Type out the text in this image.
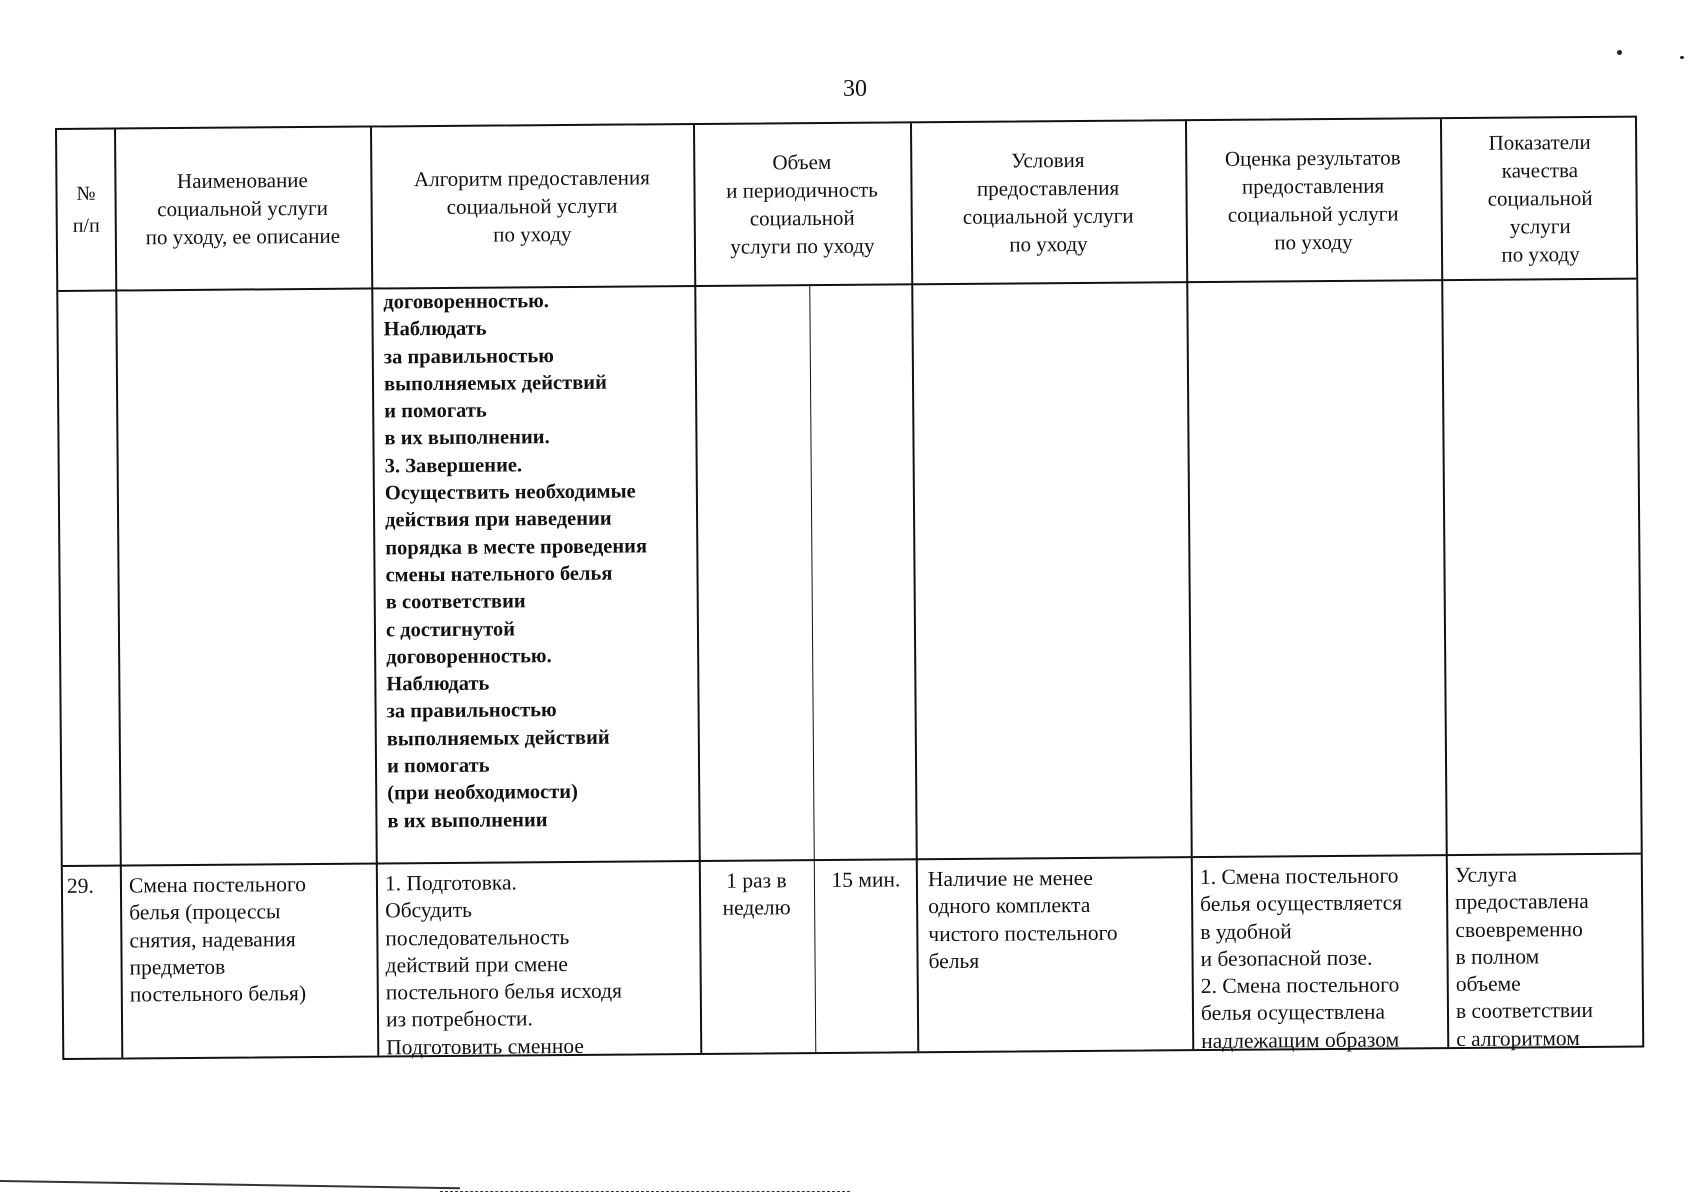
30
№
п/п
Наименование
социальной услуги
по уходу, ее описание
Алгоритм предоставления
социальной услуги
по уходу
Объем
и периодичность
социальной
услуги по уходу
Условия
предоставления
социальной услуги
по уходу
Оценка результатов
предоставления
социальной услуги
по уходу
Показатели
качества
социальной
услуги
по уходу
договоренностью.
Наблюдать
за правильностью
выполняемых действий
и помогать
в их выполнении.
3. Завершение.
Осуществить необходимые
действия при наведении
порядка в месте проведения
смены нательного белья
в соответствии
с достигнутой
договоренностью.
Наблюдать
за правильностью
выполняемых действий
и помогать
(при необходимости)
в их выполнении
29. Смена постельного
белья (процессы
снятия, надевания
предметов
постельного белья)
1. Подготовка.
Обсудить
последовательность
действий при смене
постельного белья исходя
из потребности.
Подготовить сменное
1 раз в
неделю
15 мин.	Наличие не менее
одного комплекта
чистого постельного
белья
1. Смена постельного
белья осуществляется
в удобной
и безопасной позе.
2. Смена постельного
белья осуществлена
надлежащим образом
Услуга
предоставлена
своевременно
в полном
объеме
в соответствии
с алгоритмом
